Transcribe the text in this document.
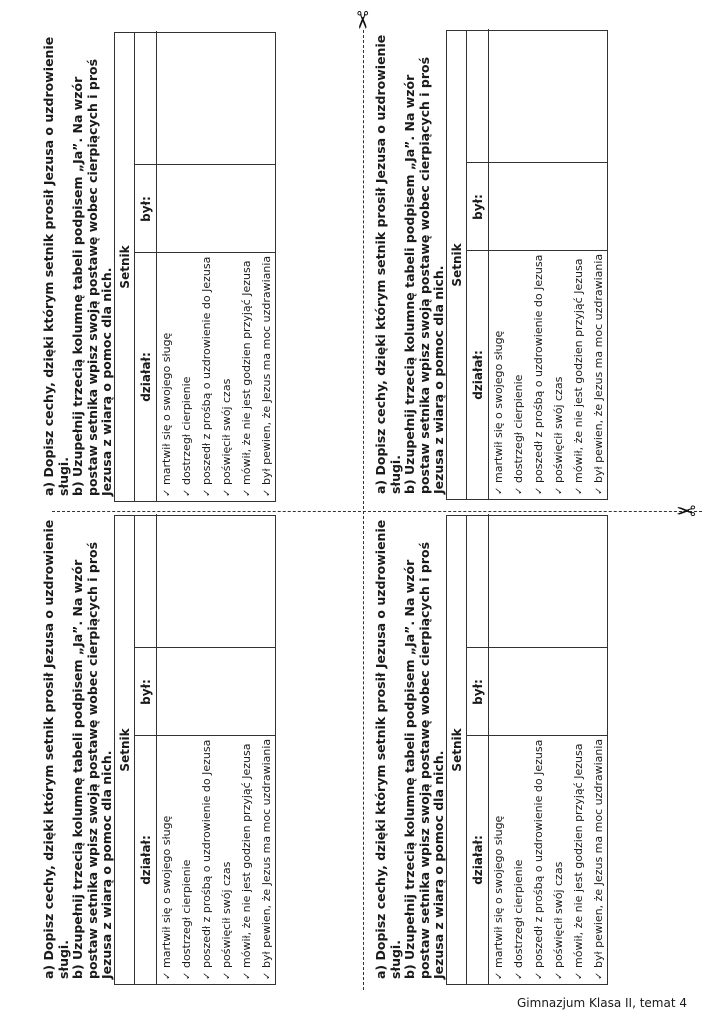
a) Dopisz cechy, dzięki którym setnik prosił Jezusa o uzdrowienie sługi. b) Uzupełnij trzecią kolumnę tabeli podpisem „Ja”. Na wzór postaw setnika wpisz swoją postawę wobec cierpiących i proś Jezusa z wiarą o pomoc dla nich.
Setnik
działał:
był:
✓martwił się o swojego sługę
✓dostrzegł cierpienie
✓poszedł z prośbą o uzdrowienie do Jezusa
✓poświęcił swój czas
✓mówił, że nie jest godzien przyjąć Jezusa
✓był pewien, że Jezus ma moc uzdrawiania
a) Dopisz cechy, dzięki którym setnik prosił Jezusa o uzdrowienie sługi. b) Uzupełnij trzecią kolumnę tabeli podpisem „Ja”. Na wzór postaw setnika wpisz swoją postawę wobec cierpiących i proś Jezusa z wiarą o pomoc dla nich.
Setnik
działał:
był:
✓martwił się o swojego sługę
✓dostrzegł cierpienie
✓poszedł z prośbą o uzdrowienie do Jezusa
✓poświęcił swój czas
✓mówił, że nie jest godzien przyjąć Jezusa
✓był pewien, że Jezus ma moc uzdrawiania
a) Dopisz cechy, dzięki którym setnik prosił Jezusa o uzdrowienie sługi. b) Uzupełnij trzecią kolumnę tabeli podpisem „Ja”. Na wzór postaw setnika wpisz swoją postawę wobec cierpiących i proś Jezusa z wiarą o pomoc dla nich.
Setnik
działał:
był:
✓martwił się o swojego sługę
✓dostrzegł cierpienie
✓poszedł z prośbą o uzdrowienie do Jezusa
✓poświęcił swój czas
✓mówił, że nie jest godzien przyjąć Jezusa
✓był pewien, że Jezus ma moc uzdrawiania
a) Dopisz cechy, dzięki którym setnik prosił Jezusa o uzdrowienie sługi. b) Uzupełnij trzecią kolumnę tabeli podpisem „Ja”. Na wzór postaw setnika wpisz swoją postawę wobec cierpiących i proś Jezusa z wiarą o pomoc dla nich.
Setnik
działał:
był:
✓martwił się o swojego sługę
✓dostrzegł cierpienie
✓poszedł z prośbą o uzdrowienie do Jezusa
✓poświęcił swój czas
✓mówił, że nie jest godzien przyjąć Jezusa
✓był pewien, że Jezus ma moc uzdrawiania
✂
✂
Gimnazjum Klasa II, temat 4
